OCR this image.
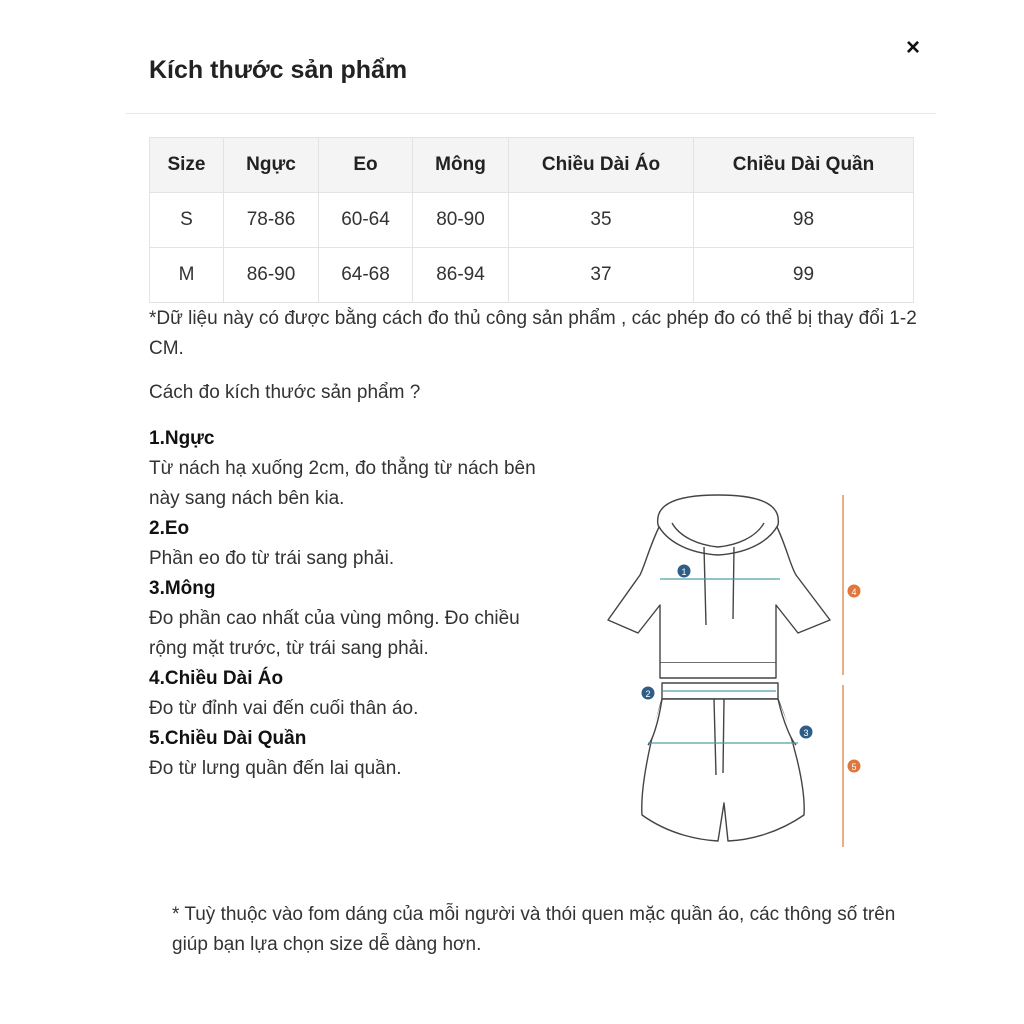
Kích thước sản phẩm
×
Size	Ngực	Eo	Mông	Chiều Dài Áo	Chiều Dài Quần
S	78-86	60-64	80-90	35	98
M	86-90	64-68	86-94	37	99
*Dữ liệu này có được bằng cách đo thủ công sản phẩm , các phép đo có thể bị thay đổi 1-2 CM.
Cách đo kích thước sản phẩm ?
1.Ngực
Từ nách hạ xuống 2cm, đo thẳng từ nách bên này sang nách bên kia.
2.Eo
Phần eo đo từ trái sang phải.
3.Mông
Đo phần cao nhất của vùng mông. Đo chiều rộng mặt trước, từ trái sang phải.
4.Chiều Dài Áo
Đo từ đỉnh vai đến cuối thân áo.
5.Chiều Dài Quần
Đo từ lưng quần đến lai quần.
1
2
3
4
5
* Tuỳ thuộc vào fom dáng của mỗi người và thói quen mặc quần áo, các thông số trên giúp bạn lựa chọn size dễ dàng hơn.
